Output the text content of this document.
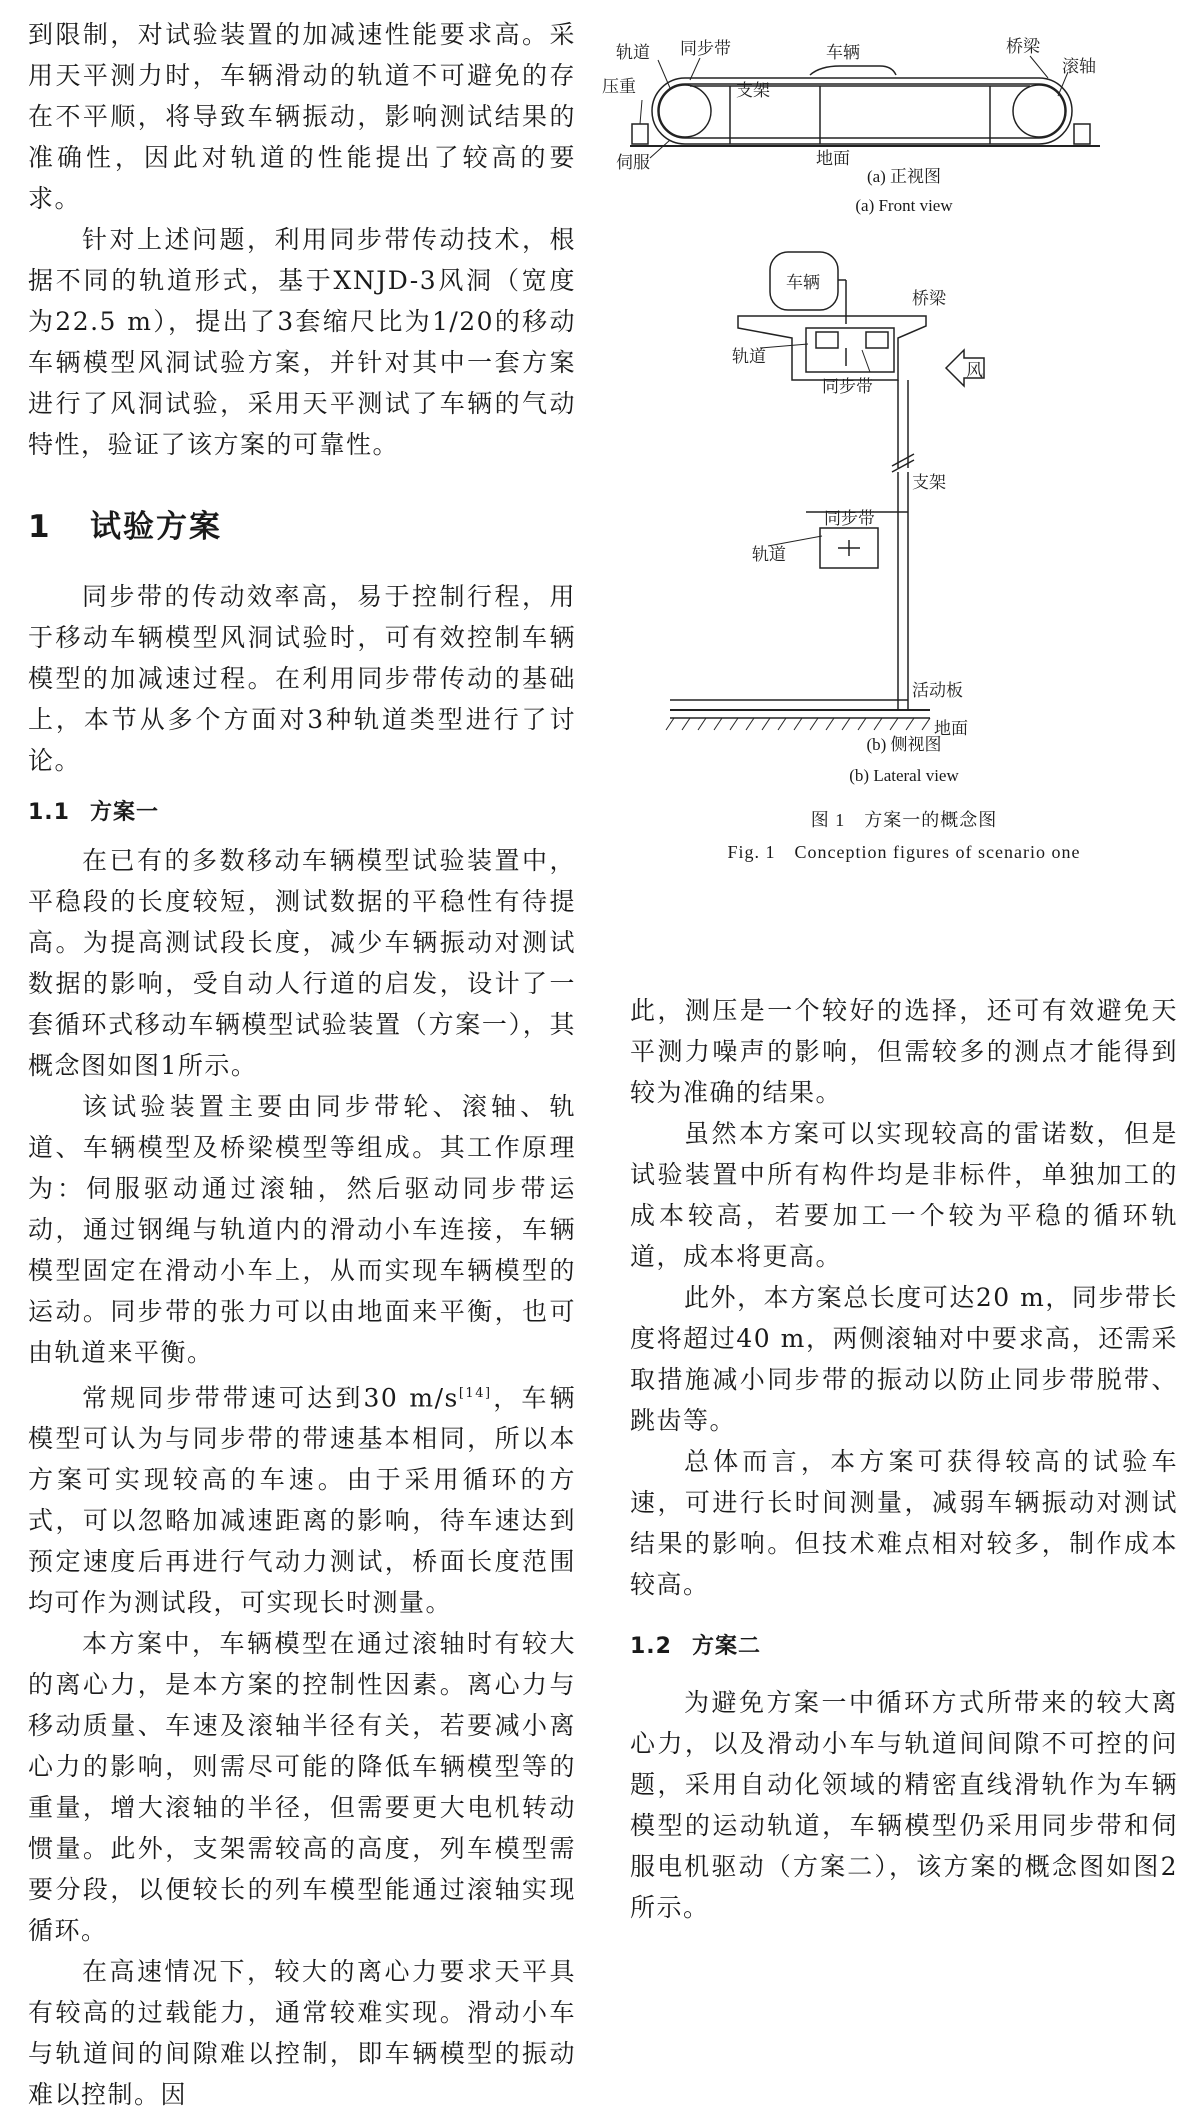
到限制，对试验装置的加减速性能要求高。采用天平测力时，车辆滑动的轨道不可避免的存在不平顺，将导致车辆振动，影响测试结果的准确性，因此对轨道的性能提出了较高的要求。

针对上述问题，利用同步带传动技术，根据不同的轨道形式，基于XNJD-3风洞（宽度为22.5 m），提出了3套缩尺比为1/20的移动车辆模型风洞试验方案，并针对其中一套方案进行了风洞试验，采用天平测试了车辆的气动特性，验证了该方案的可靠性。

1 试验方案

同步带的传动效率高，易于控制行程，用于移动车辆模型风洞试验时，可有效控制车辆模型的加减速过程。在利用同步带传动的基础上，本节从多个方面对3种轨道类型进行了讨论。

1.1 方案一

在已有的多数移动车辆模型试验装置中，平稳段的长度较短，测试数据的平稳性有待提高。为提高测试段长度，减少车辆振动对测试数据的影响，受自动人行道的启发，设计了一套循环式移动车辆模型试验装置（方案一），其概念图如图1所示。

该试验装置主要由同步带轮、滚轴、轨道、车辆模型及桥梁模型等组成。其工作原理为：伺服驱动通过滚轴，然后驱动同步带运动，通过钢绳与轨道内的滑动小车连接，车辆模型固定在滑动小车上，从而实现车辆模型的运动。同步带的张力可以由地面来平衡，也可由轨道来平衡。

常规同步带带速可达到30 m/s[14]，车辆模型可认为与同步带的带速基本相同，所以本方案可实现较高的车速。由于采用循环的方式，可以忽略加减速距离的影响，待车速达到预定速度后再进行气动力测试，桥面长度范围均可作为测试段，可实现长时测量。

本方案中，车辆模型在通过滚轴时有较大的离心力，是本方案的控制性因素。离心力与移动质量、车速及滚轴半径有关，若要减小离心力的影响，则需尽可能的降低车辆模型等的重量，增大滚轴的半径，但需要更大电机转动惯量。此外，支架需较高的高度，列车模型需要分段，以便较长的列车模型能通过滚轴实现循环。

在高速情况下，较大的离心力要求天平具有较高的过载能力，通常较难实现。滑动小车与轨道间的间隙难以控制，即车辆模型的振动难以控制。因

轨道 同步带	车辆	桥梁
滚轴
压重	支架
伺服	地面
(a) 正视图
(a) Front view
车辆
桥梁
轨道
同步带
风
支架
同步带
轨道
活动板
地面
(b) 侧视图
(b) Lateral view
图 1　方案一的概念图
Fig. 1　Conception figures of scenario one

此，测压是一个较好的选择，还可有效避免天平测力噪声的影响，但需较多的测点才能得到较为准确的结果。

虽然本方案可以实现较高的雷诺数，但是试验装置中所有构件均是非标件，单独加工的成本较高，若要加工一个较为平稳的循环轨道，成本将更高。

此外，本方案总长度可达20 m，同步带长度将超过40 m，两侧滚轴对中要求高，还需采取措施减小同步带的振动以防止同步带脱带、跳齿等。

总体而言，本方案可获得较高的试验车速，可进行长时间测量，减弱车辆振动对测试结果的影响。但技术难点相对较多，制作成本较高。

1.2 方案二

为避免方案一中循环方式所带来的较大离心力，以及滑动小车与轨道间间隙不可控的问题，采用自动化领域的精密直线滑轨作为车辆模型的运动轨道，车辆模型仍采用同步带和伺服电机驱动（方案二），该方案的概念图如图2所示。
